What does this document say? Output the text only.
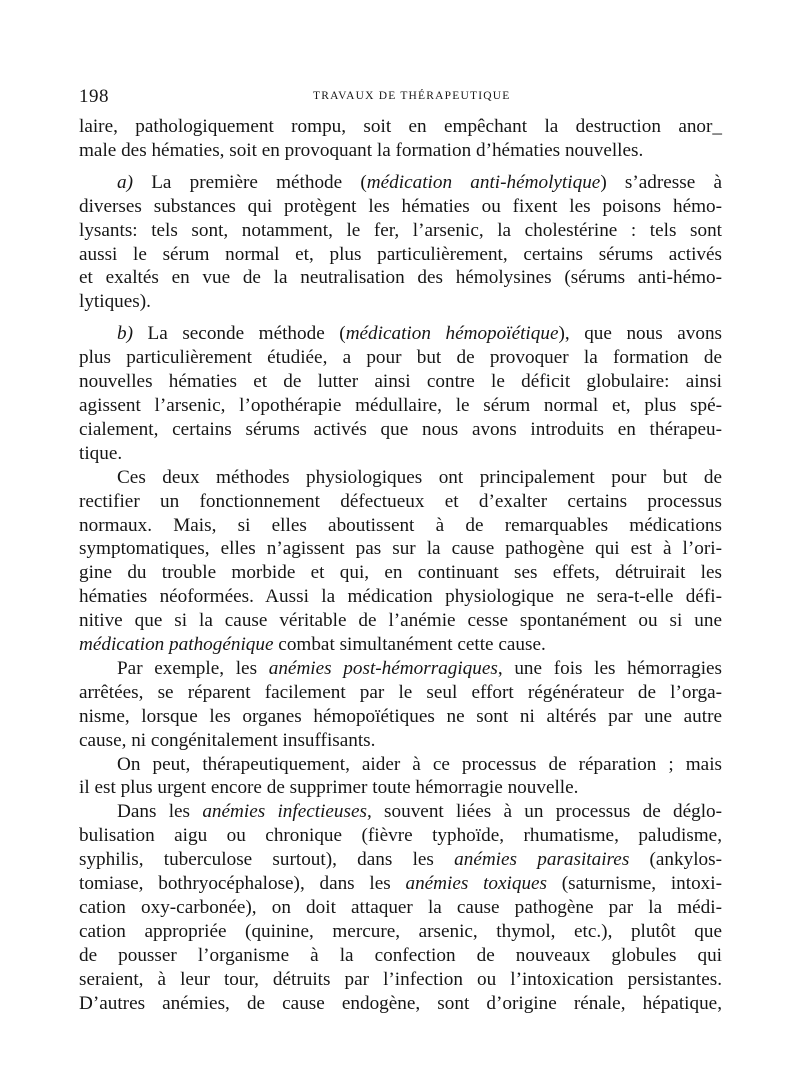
198	TRAVAUX DE THÉRAPEUTIQUE
laire, pathologiquement rompu, soit en empêchant la destruction anor_
male des hématies, soit en provoquant la formation d’hématies nouvelles.
a) La première méthode (médication anti-hémolytique) s’adresse à
diverses substances qui protègent les hématies ou fixent les poisons hémo-
lysants: tels sont, notamment, le fer, l’arsenic, la cholestérine : tels sont
aussi le sérum normal et, plus particulièrement, certains sérums activés
et exaltés en vue de la neutralisation des hémolysines (sérums anti-hémo-
lytiques).
b) La seconde méthode (médication hémopoïétique), que nous avons
plus particulièrement étudiée, a pour but de provoquer la formation de
nouvelles hématies et de lutter ainsi contre le déficit globulaire: ainsi
agissent l’arsenic, l’opothérapie médullaire, le sérum normal et, plus spé-
cialement, certains sérums activés que nous avons introduits en thérapeu-
tique.
Ces deux méthodes physiologiques ont principalement pour but de
rectifier un fonctionnement défectueux et d’exalter certains processus
normaux. Mais, si elles aboutissent à de remarquables médications
symptomatiques, elles n’agissent pas sur la cause pathogène qui est à l’ori-
gine du trouble morbide et qui, en continuant ses effets, détruirait les
hématies néoformées. Aussi la médication physiologique ne sera-t-elle défi-
nitive que si la cause véritable de l’anémie cesse spontanément ou si une
médication pathogénique combat simultanément cette cause.
Par exemple, les anémies post-hémorragiques, une fois les hémorragies
arrêtées, se réparent facilement par le seul effort régénérateur de l’orga-
nisme, lorsque les organes hémopoïétiques ne sont ni altérés par une autre
cause, ni congénitalement insuffisants.
On peut, thérapeutiquement, aider à ce processus de réparation ; mais
il est plus urgent encore de supprimer toute hémorragie nouvelle.
Dans les anémies infectieuses, souvent liées à un processus de déglo-
bulisation aigu ou chronique (fièvre typhoïde, rhumatisme, paludisme,
syphilis, tuberculose surtout), dans les anémies parasitaires (ankylos-
tomiase, bothryocéphalose), dans les anémies toxiques (saturnisme, intoxi-
cation oxy-carbonée), on doit attaquer la cause pathogène par la médi-
cation appropriée (quinine, mercure, arsenic, thymol, etc.), plutôt que
de pousser l’organisme à la confection de nouveaux globules qui
seraient, à leur tour, détruits par l’infection ou l’intoxication persistantes.
D’autres anémies, de cause endogène, sont d’origine rénale, hépatique,
